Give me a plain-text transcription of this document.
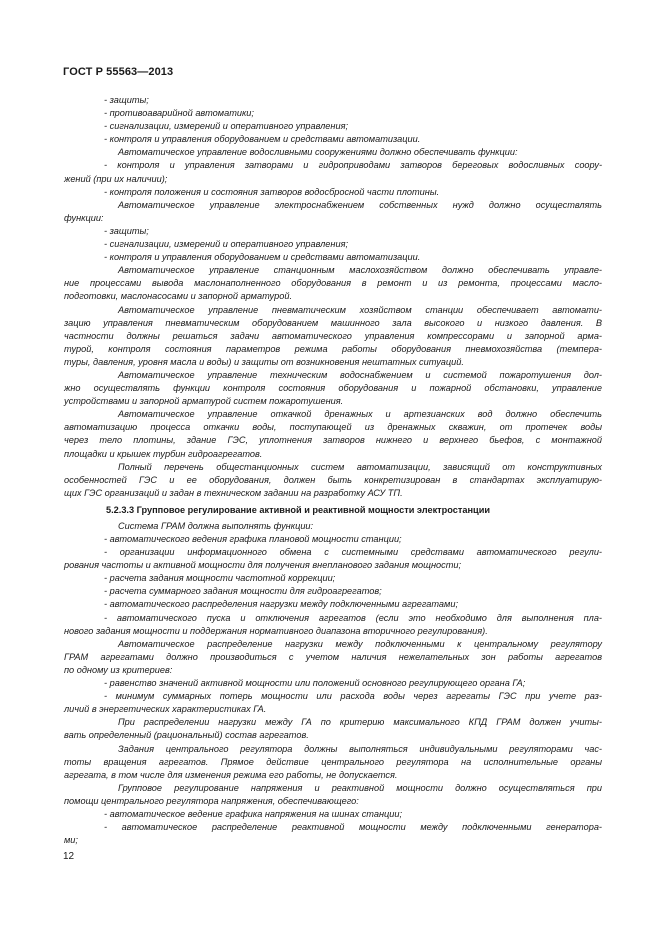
ГОСТ Р 55563—2013
- защиты;
- противоаварийной автоматики;
- сигнализации, измерений и оперативного управления;
- контроля и управления оборудованием и средствами автоматизации.
Автоматическое управление водосливными сооружениями должно обеспечивать функции:
- контроля и управления затворами и гидроприводами затворов береговых водосливных соору-
жений (при их наличии);
- контроля положения и состояния затворов водосбросной части плотины.
Автоматическое управление электроснабжением собственных нужд должно осуществлять
функции:
- защиты;
- сигнализации, измерений и оперативного управления;
- контроля и управления оборудованием и средствами автоматизации.
Автоматическое управление станционным маслохозяйством должно обеспечивать управле-
ние процессами вывода маслонаполненного оборудования в ремонт и из ремонта, процессами масло-
подготовки, маслонасосами и запорной арматурой.
Автоматическое управление пневматическим хозяйством станции обеспечивает автомати-
зацию управления пневматическим оборудованием машинного зала высокого и низкого давления. В
частности должны решаться задачи автоматического управления компрессорами и запорной арма-
турой, контроля состояния параметров режима работы оборудования пневмохозяйства (темпера-
туры, давления, уровня масла и воды) и защиты от возникновения нештатных ситуаций.
Автоматическое управление техническим водоснабжением и системой пожаротушения дол-
жно осуществлять функции контроля состояния оборудования и пожарной обстановки, управление
устройствами и запорной арматурой систем пожаротушения.
Автоматическое управление откачкой дренажных и артезианских вод должно обеспечить
автоматизацию процесса откачки воды, поступающей из дренажных скважин, от протечек воды
через тело плотины, здание ГЭС, уплотнения затворов нижнего и верхнего бьефов, с монтажной
площадки и крышек турбин гидроагрегатов.
Полный перечень общестанционных систем автоматизации, зависящий от конструктивных
особенностей ГЭС и ее оборудования, должен быть конкретизирован в стандартах эксплуатирую-
щих ГЭС организаций и задан в техническом задании на разработку АСУ ТП.
5.2.3.3 Групповое регулирование активной и реактивной мощности электростанции
Система ГРАМ должна выполнять функции:
- автоматического ведения графика плановой мощности станции;
- организации информационного обмена с системными средствами автоматического регули-
рования частоты и активной мощности для получения внепланового задания мощности;
- расчета задания мощности частотной коррекции;
- расчета суммарного задания мощности для гидроагрегатов;
- автоматического распределения нагрузки между подключенными агрегатами;
- автоматического пуска и отключения агрегатов (если это необходимо для выполнения пла-
нового задания мощности и поддержания нормативного диапазона вторичного регулирования).
Автоматическое распределение нагрузки между подключенными к центральному регулятору
ГРАМ агрегатами должно производиться с учетом наличия нежелательных зон работы агрегатов
по одному из критериев:
- равенство значений активной мощности или положений основного регулирующего органа ГА;
- минимум суммарных потерь мощности или расхода воды через агрегаты ГЭС при учете раз-
личий в энергетических характеристиках ГА.
При распределении нагрузки между ГА по критерию максимального КПД ГРАМ должен учиты-
вать определенный (рациональный) состав агрегатов.
Задания центрального регулятора должны выполняться индивидуальными регуляторами час-
тоты вращения агрегатов. Прямое действие центрального регулятора на исполнительные органы
агрегата, в том числе для изменения режима его работы, не допускается.
Групповое регулирование напряжения и реактивной мощности должно осуществляться при
помощи центрального регулятора напряжения, обеспечивающего:
- автоматическое ведение графика напряжения на шинах станции;
- автоматическое распределение реактивной мощности между подключенными генератора-
ми;
12
